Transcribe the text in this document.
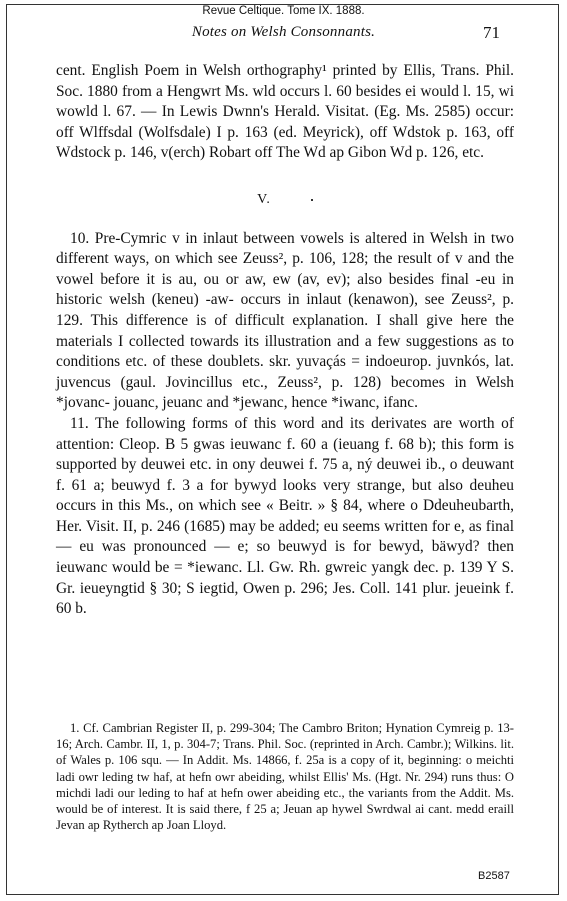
Revue Celtique. Tome IX. 1888.
Notes on Welsh Consonnants.	71

cent. English Poem in Welsh orthography¹ printed by Ellis, Trans. Phil. Soc. 1880 from a Hengwrt Ms. wld occurs l. 60 besides ei would l. 15, wi wowld l. 67. — In Lewis Dwnn's Herald. Visitat. (Eg. Ms. 2585) occur: off Wlffsdal (Wolfsdale) I p. 163 (ed. Meyrick), off Wdstok p. 163, off Wdstock p. 146, v(erch) Robart off The Wd ap Gibon Wd p. 126, etc.

V.

10. Pre-Cymric v in inlaut between vowels is altered in Welsh in two different ways, on which see Zeuss², p. 106, 128; the result of v and the vowel before it is au, ou or aw, ew (av, ev); also besides final -eu in historic welsh (keneu) -aw- occurs in inlaut (kenawon), see Zeuss², p. 129. This difference is of difficult explanation. I shall give here the materials I collected towards its illustration and a few suggestions as to conditions etc. of these doublets. skr. yuvaçás = indoeurop. juvnkós, lat. juvencus (gaul. Jovincillus etc., Zeuss², p. 128) becomes in Welsh *jovanc- jouanc, jeuanc and *jewanc, hence *iwanc, ifanc.

11. The following forms of this word and its derivates are worth of attention: Cleop. B 5 gwas ieuwanc f. 60 a (ieuang f. 68 b); this form is supported by deuwei etc. in ony deuwei f. 75 a, ný deuwei ib., o deuwant f. 61 a; beuwyd f. 3 a for bywyd looks very strange, but also deuheu occurs in this Ms., on which see « Beitr. » § 84, where o Ddeuheubarth, Her. Visit. II, p. 246 (1685) may be added; eu seems written for e, as final— eu was pronounced — e; so beuwyd is for bewyd, bäwyd? then ieuwanc would be = *iewanc. Ll. Gw. Rh. gwreic yangk dec. p. 139 Y S. Gr. ieueyngtid § 30; S iegtid, Owen p. 296; Jes. Coll. 141 plur. jeueink f. 60 b.

1. Cf. Cambrian Register II, p. 299-304; The Cambro Briton; Hynation Cymreig p. 13-16; Arch. Cambr. II, 1, p. 304-7; Trans. Phil. Soc. (reprinted in Arch. Cambr.); Wilkins. lit. of Wales p. 106 squ. — In Addit. Ms. 14866, f. 25a is a copy of it, beginning: o meichti ladi owr leding tw haf, at hefn owr abeiding, whilst Ellis' Ms. (Hgt. Nr. 294) runs thus: O michdi ladi our leding to haf at hefn ower abeiding etc., the variants from the Addit. Ms. would be of interest. It is said there, f 25 a; Jeuan ap hywel Swrdwal ai cant. medd eraill Jevan ap Rytherch ap Joan Lloyd.

B2587
